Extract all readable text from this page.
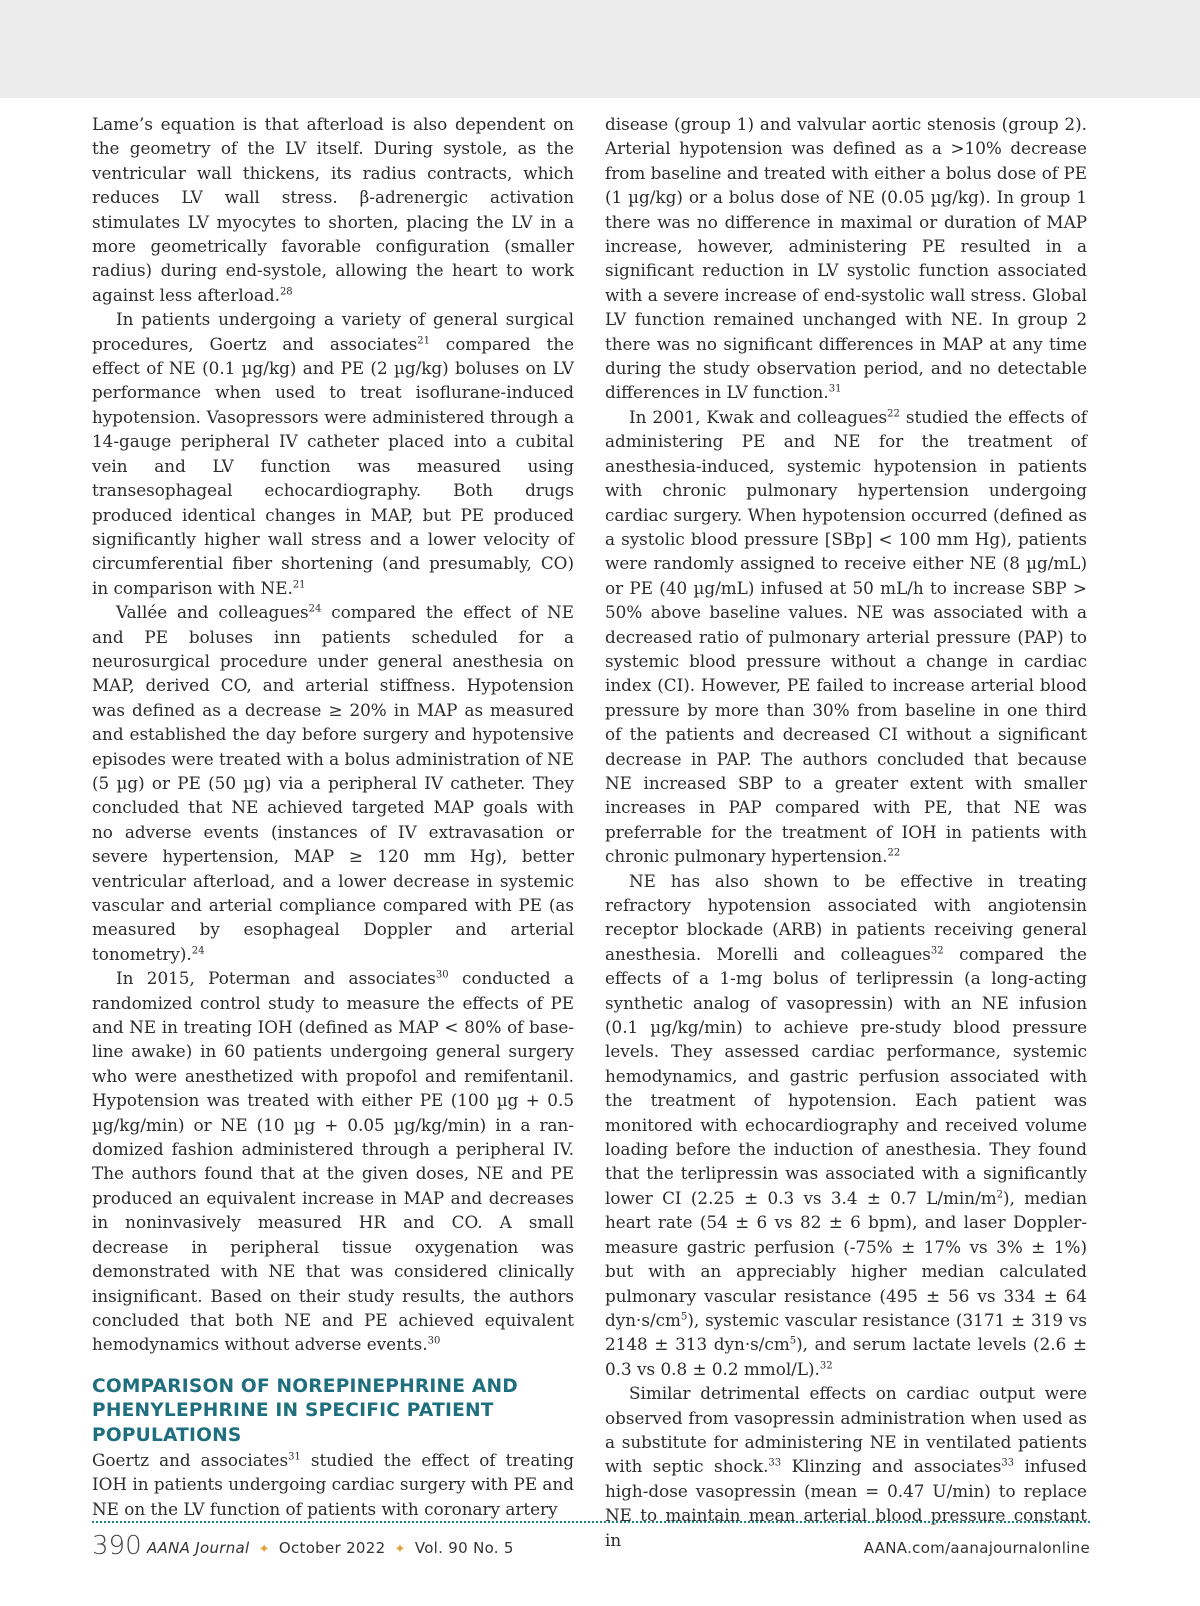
Lame’s equation is that afterload is also dependent on the geometry of the LV itself. During systole, as the ventricular wall thickens, its radius contracts, which reduces LV wall stress. β-adrenergic activation stimulates LV myocytes to shorten, placing the LV in a more geometrically favorable configuration (smaller radius) during end-systole, allowing the heart to work against less afterload.$^{28}$

In patients undergoing a variety of general surgical procedures, Goertz and associates$^{21}$ compared the effect of NE (0.1 µg/kg) and PE (2 µg/kg) boluses on LV performance when used to treat isoflurane-induced hypotension. Vasopressors were administered through a 14-gauge peripheral IV catheter placed into a cubital vein and LV function was measured using transesophageal echocardiography. Both drugs produced identical changes in MAP, but PE produced significantly higher wall stress and a lower velocity of circumferential fiber shortening (and presumably, CO) in comparison with NE.$^{21}$

Vallée and colleagues$^{24}$ compared the effect of NE and PE boluses inn patients scheduled for a neurosurgical procedure under general anesthesia on MAP, derived CO, and arterial stiffness. Hypotension was defined as a decrease ≥ 20% in MAP as measured and established the day before surgery and hypotensive episodes were treated with a bolus administration of NE (5 µg) or PE (50 µg) via a peripheral IV catheter. They concluded that NE achieved targeted MAP goals with no adverse events (instances of IV extravasation or severe hypertension, MAP ≥ 120 mm Hg), better ventricular afterload, and a lower decrease in systemic vascular and arterial compliance compared with PE (as measured by esophageal Doppler and arterial tonometry).$^{24}$

In 2015, Poterman and associates$^{30}$ conducted a randomized control study to measure the effects of PE and NE in treating IOH (defined as MAP < 80% of baseline awake) in 60 patients undergoing general surgery who were anesthetized with propofol and remifentanil. Hypotension was treated with either PE (100 µg + 0.5 µg/kg/min) or NE (10 µg + 0.05 µg/kg/min) in a randomized fashion administered through a peripheral IV. The authors found that at the given doses, NE and PE produced an equivalent increase in MAP and decreases in noninvasively measured HR and CO. A small decrease in peripheral tissue oxygenation was demonstrated with NE that was considered clinically insignificant. Based on their study results, the authors concluded that both NE and PE achieved equivalent hemodynamics without adverse events.$^{30}$

COMPARISON OF NOREPINEPHRINE AND PHENYLEPHRINE IN SPECIFIC PATIENT POPULATIONS

Goertz and associates$^{31}$ studied the effect of treating IOH in patients undergoing cardiac surgery with PE and NE on the LV function of patients with coronary artery

disease (group 1) and valvular aortic stenosis (group 2). Arterial hypotension was defined as a >10% decrease from baseline and treated with either a bolus dose of PE (1 µg/kg) or a bolus dose of NE (0.05 µg/kg). In group 1 there was no difference in maximal or duration of MAP increase, however, administering PE resulted in a significant reduction in LV systolic function associated with a severe increase of end-systolic wall stress. Global LV function remained unchanged with NE. In group 2 there was no significant differences in MAP at any time during the study observation period, and no detectable differences in LV function.$^{31}$

In 2001, Kwak and colleagues$^{22}$ studied the effects of administering PE and NE for the treatment of anesthesia-induced, systemic hypotension in patients with chronic pulmonary hypertension undergoing cardiac surgery. When hypotension occurred (defined as a systolic blood pressure [SBp] < 100 mm Hg), patients were randomly assigned to receive either NE (8 µg/mL) or PE (40 µg/mL) infused at 50 mL/h to increase SBP > 50% above baseline values. NE was associated with a decreased ratio of pulmonary arterial pressure (PAP) to systemic blood pressure without a change in cardiac index (CI). However, PE failed to increase arterial blood pressure by more than 30% from baseline in one third of the patients and decreased CI without a significant decrease in PAP. The authors concluded that because NE increased SBP to a greater extent with smaller increases in PAP compared with PE, that NE was preferrable for the treatment of IOH in patients with chronic pulmonary hypertension.$^{22}$

NE has also shown to be effective in treating refractory hypotension associated with angiotensin receptor blockade (ARB) in patients receiving general anesthesia. Morelli and colleagues$^{32}$ compared the effects of a 1-mg bolus of terlipressin (a long-acting synthetic analog of vasopressin) with an NE infusion (0.1 µg/kg/min) to achieve pre-study blood pressure levels. They assessed cardiac performance, systemic hemodynamics, and gastric perfusion associated with the treatment of hypotension. Each patient was monitored with echocardiography and received volume loading before the induction of anesthesia. They found that the terlipressin was associated with a significantly lower CI (2.25 ± 0.3 vs 3.4 ± 0.7 $L/\min/m^2$), median heart rate (54 ± 6 vs 82 ± 6 bpm), and laser Doppler-measure gastric perfusion (-75% ± 17% vs 3% ± 1%) but with an appreciably higher median calculated pulmonary vascular resistance (495 ± 56 vs 334 ± 64 $dyn\cdot s/cm^5$), systemic vascular resistance (3171 ± 319 vs 2148 ± 313 $dyn\cdot s/cm^5$), and serum lactate levels (2.6 ± 0.3 vs 0.8 ± 0.2 mmol/L).$^{32}$

Similar detrimental effects on cardiac output were observed from vasopressin administration when used as a substitute for administering NE in ventilated patients with septic shock.$^{33}$ Klinzing and associates$^{33}$ infused high-dose vasopressin (mean = 0.47 U/min) to replace NE to maintain mean arterial blood pressure constant in

390 AANA Journal ✦ October 2022 ✦ Vol. 90 No. 5	AANA.com/aanajournalonline
